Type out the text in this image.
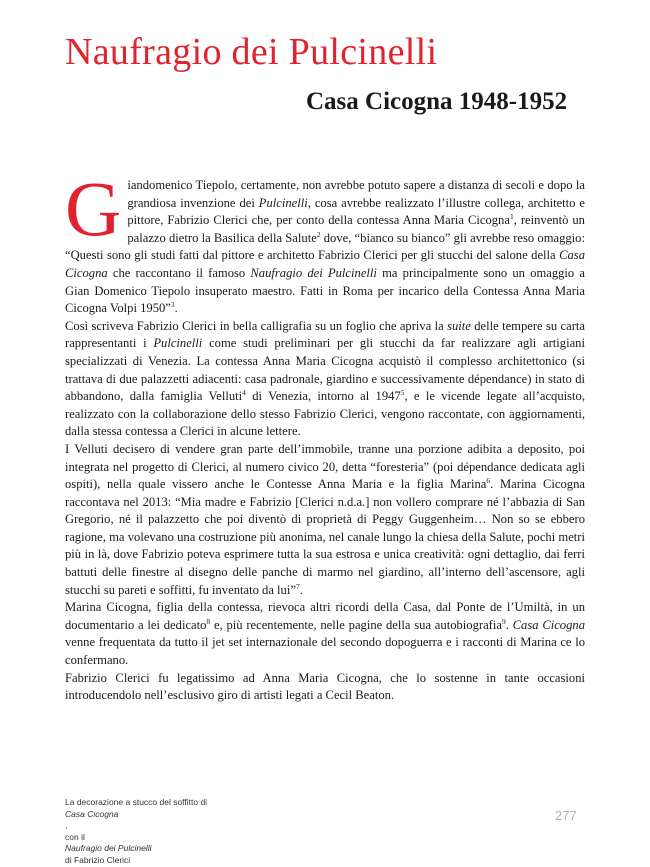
Naufragio dei Pulcinelli
Casa Cicogna 1948-1952
G iandomenico Tiepolo, certamente, non avrebbe potuto sapere a distanza di secoli e dopo la grandiosa invenzione dei Pulcinelli, cosa avrebbe realizzato l’illustre collega, architetto e pittore, Fabrizio Clerici che, per conto della contessa Anna Maria Cicogna$^1$, reinventò un palazzo dietro la Basilica della Salute$^2$ dove, “bianco su bianco” gli avrebbe reso omaggio: “Questi sono gli studi fatti dal pittore e architetto Fabrizio Clerici per gli stucchi del salone della Casa Cicogna che raccontano il famoso Naufragio dei Pulcinelli ma principalmente sono un omaggio a Gian Domenico Tiepolo insuperato maestro. Fatti in Roma per incarico della Contessa Anna Maria Cicogna Volpi 1950”$^3$.

Così scriveva Fabrizio Clerici in bella calligrafia su un foglio che apriva la suite delle tempere su carta rappresentanti i Pulcinelli come studi preliminari per gli stucchi da far realizzare agli artigiani specializzati di Venezia. La contessa Anna Maria Cicogna acquistò il complesso architettonico (si trattava di due palazzetti adiacenti: casa padronale, giardino e successivamente dépendance) in stato di abbandono, dalla famiglia Velluti$^4$ di Venezia, intorno al 1947$^5$, e le vicende legate all’acquisto, realizzato con la collaborazione dello stesso Fabrizio Clerici, vengono raccontate, con aggiornamenti, dalla stessa contessa a Clerici in alcune lettere.

I Velluti decisero di vendere gran parte dell’immobile, tranne una porzione adibita a deposito, poi integrata nel progetto di Clerici, al numero civico 20, detta “foresteria” (poi dépendance dedicata agli ospiti), nella quale vissero anche le Contesse Anna Maria e la figlia Marina$^6$. Marina Cicogna raccontava nel 2013: “Mia madre e Fabrizio [Clerici n.d.a.] non vollero comprare né l’abbazia di San Gregorio, né il palazzetto che poi diventò di proprietà di Peggy Guggenheim… Non so se ebbero ragione, ma volevano una costruzione più anonima, nel canale lungo la chiesa della Salute, pochi metri più in là, dove Fabrizio poteva esprimere tutta la sua estrosa e unica creatività: ogni dettaglio, dai ferri battuti delle finestre al disegno delle panche di marmo nel giardino, all’interno dell’ascensore, agli stucchi su pareti e soffitti, fu inventato da lui”$^7$.

Marina Cicogna, figlia della contessa, rievoca altri ricordi della Casa, dal Ponte de l’Umiltà, in un documentario a lei dedicato$^8$ e, più recentemente, nelle pagine della sua autobiografia$^9$. Casa Cicogna venne frequentata da tutto il jet set internazionale del secondo dopoguerra e i racconti di Marina ce lo confermano.

Fabrizio Clerici fu legatissimo ad Anna Maria Cicogna, che lo sostenne in tante occasioni introducendolo nell’esclusivo giro di artisti legati a Cecil Beaton.

La decorazione a stucco del soffitto di
Casa Cicogna
,
con il
Naufragio dei Pulcinelli
di Fabrizio Clerici
277
